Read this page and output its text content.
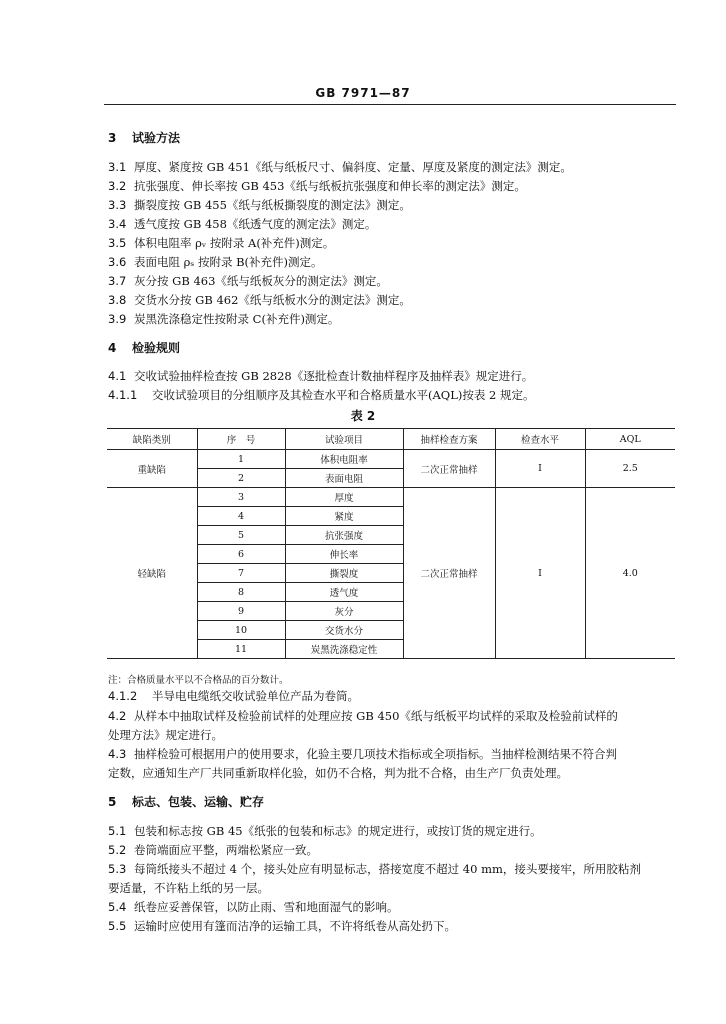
GB 7971—87
3 试验方法
3.1 厚度、紧度按 GB 451《纸与纸板尺寸、偏斜度、定量、厚度及紧度的测定法》测定。
3.2 抗张强度、伸长率按 GB 453《纸与纸板抗张强度和伸长率的测定法》测定。
3.3 撕裂度按 GB 455《纸与纸板撕裂度的测定法》测定。
3.4 透气度按 GB 458《纸透气度的测定法》测定。
3.5 体积电阻率 ρᵥ 按附录 A(补充件)测定。
3.6 表面电阻 ρₛ 按附录 B(补充件)测定。
3.7 灰分按 GB 463《纸与纸板灰分的测定法》测定。
3.8 交货水分按 GB 462《纸与纸板水分的测定法》测定。
3.9 炭黑洗涤稳定性按附录 C(补充件)测定。
4 检验规则
4.1 交收试验抽样检查按 GB 2828《逐批检查计数抽样程序及抽样表》规定进行。
4.1.1 交收试验项目的分组顺序及其检查水平和合格质量水平(AQL)按表 2 规定。
表 2
缺陷类别	序　号	试验项目	抽样检查方案	检查水平	AQL
重缺陷	1	体积电阻率	二次正常抽样	Ⅰ	2.5
	2	表面电阻			
轻缺陷	3	厚度	二次正常抽样	Ⅰ	4.0
	4	紧度			
	5	抗张强度			
	6	伸长率			
	7	撕裂度			
	8	透气度			
	9	灰分			
	10	交货水分			
	11	炭黑洗涤稳定性			
注：合格质量水平以不合格品的百分数计。
4.1.2 半导电电缆纸交收试验单位产品为卷筒。
4.2 从样本中抽取试样及检验前试样的处理应按 GB 450《纸与纸板平均试样的采取及检验前试样的
处理方法》规定进行。
4.3 抽样检验可根据用户的使用要求，化验主要几项技术指标或全项指标。当抽样检测结果不符合判
定数，应通知生产厂共同重新取样化验，如仍不合格，判为批不合格，由生产厂负责处理。
5 标志、包装、运输、贮存
5.1 包装和标志按 GB 45《纸张的包装和标志》的规定进行，或按订货的规定进行。
5.2 卷筒端面应平整，两端松紧应一致。
5.3 每筒纸接头不超过 4 个，接头处应有明显标志，搭接宽度不超过 40 mm，接头要接牢，所用胶粘剂
要适量，不许粘上纸的另一层。
5.4 纸卷应妥善保管，以防止雨、雪和地面湿气的影响。
5.5 运输时应使用有篷而洁净的运输工具，不许将纸卷从高处扔下。
